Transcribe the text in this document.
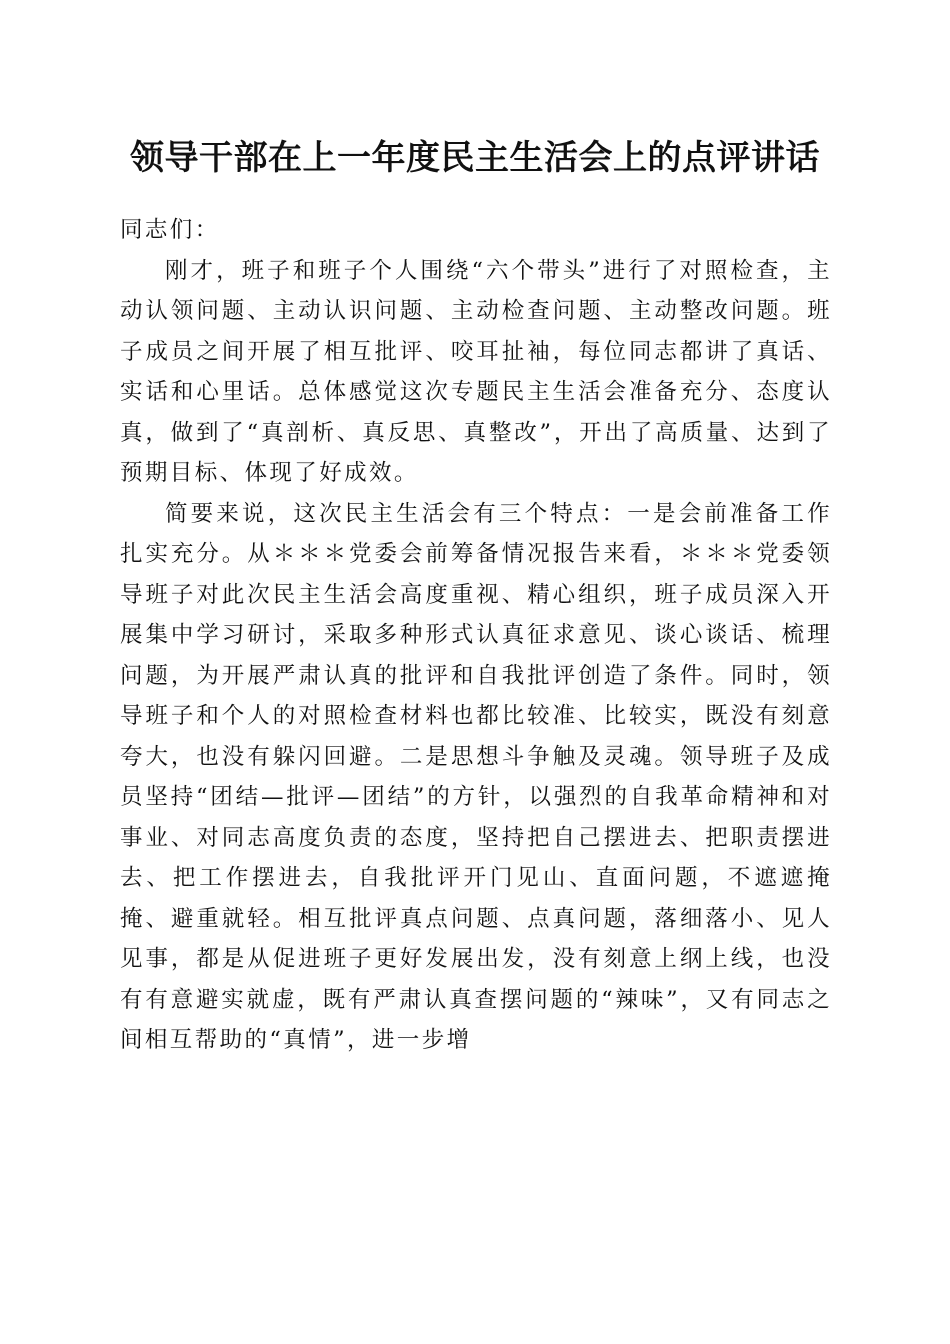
领导干部在上一年度民主生活会上的点评讲话

同志们：

刚才，班子和班子个人围绕“六个带头”进行了对照检查，主动认领问题、主动认识问题、主动检查问题、主动整改问题。班子成员之间开展了相互批评、咬耳扯袖，每位同志都讲了真话、实话和心里话。总体感觉这次专题民主生活会准备充分、态度认真，做到了“真剖析、真反思、真整改”，开出了高质量、达到了预期目标、体现了好成效。

简要来说，这次民主生活会有三个特点：一是会前准备工作扎实充分。从＊＊＊党委会前筹备情况报告来看，＊＊＊党委领导班子对此次民主生活会高度重视、精心组织，班子成员深入开展集中学习研讨，采取多种形式认真征求意见、谈心谈话、梳理问题，为开展严肃认真的批评和自我批评创造了条件。同时，领导班子和个人的对照检查材料也都比较准、比较实，既没有刻意夸大，也没有躲闪回避。二是思想斗争触及灵魂。领导班子及成员坚持“团结—批评—团结”的方针，以强烈的自我革命精神和对事业、对同志高度负责的态度，坚持把自己摆进去、把职责摆进去、把工作摆进去，自我批评开门见山、直面问题，不遮遮掩掩、避重就轻。相互批评真点问题、点真问题，落细落小、见人见事，都是从促进班子更好发展出发，没有刻意上纲上线，也没有有意避实就虚，既有严肃认真查摆问题的“辣味”，又有同志之间相互帮助的“真情”，进一步增
